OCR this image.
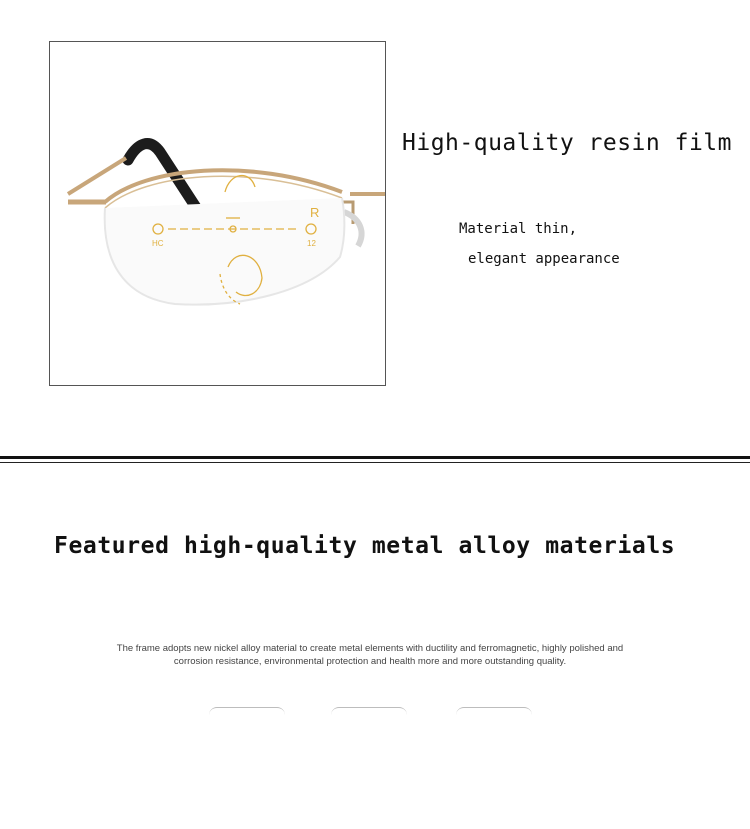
R
HC	12
High-quality resin film
Material thin,
elegant appearance
Featured high-quality metal alloy materials
The frame adopts new nickel alloy material to create metal elements with ductility and ferromagnetic, highly polished and
corrosion resistance, environmental protection and health more and more outstanding quality.
